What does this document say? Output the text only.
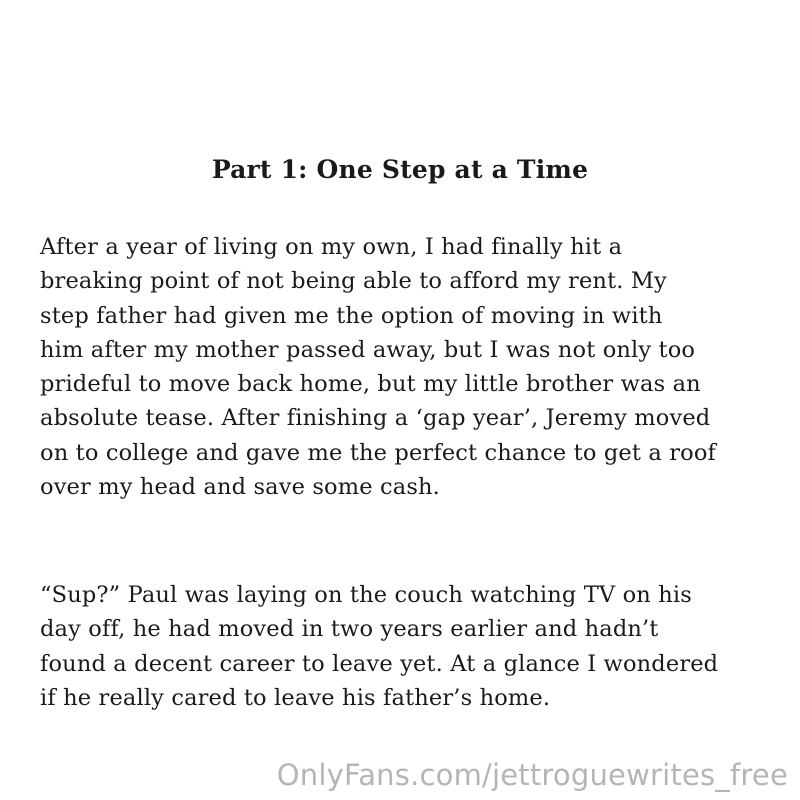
Part 1: One Step at a Time

After a year of living on my own, I had finally hit a
breaking point of not being able to afford my rent. My
step father had given me the option of moving in with
him after my mother passed away, but I was not only too
prideful to move back home, but my little brother was an
absolute tease. After finishing a ‘gap year’, Jeremy moved
on to college and gave me the perfect chance to get a roof
over my head and save some cash.

“Sup?” Paul was laying on the couch watching TV on his
day off, he had moved in two years earlier and hadn’t
found a decent career to leave yet. At a glance I wondered
if he really cared to leave his father’s home.

OnlyFans.com/jettroguewrites_free
